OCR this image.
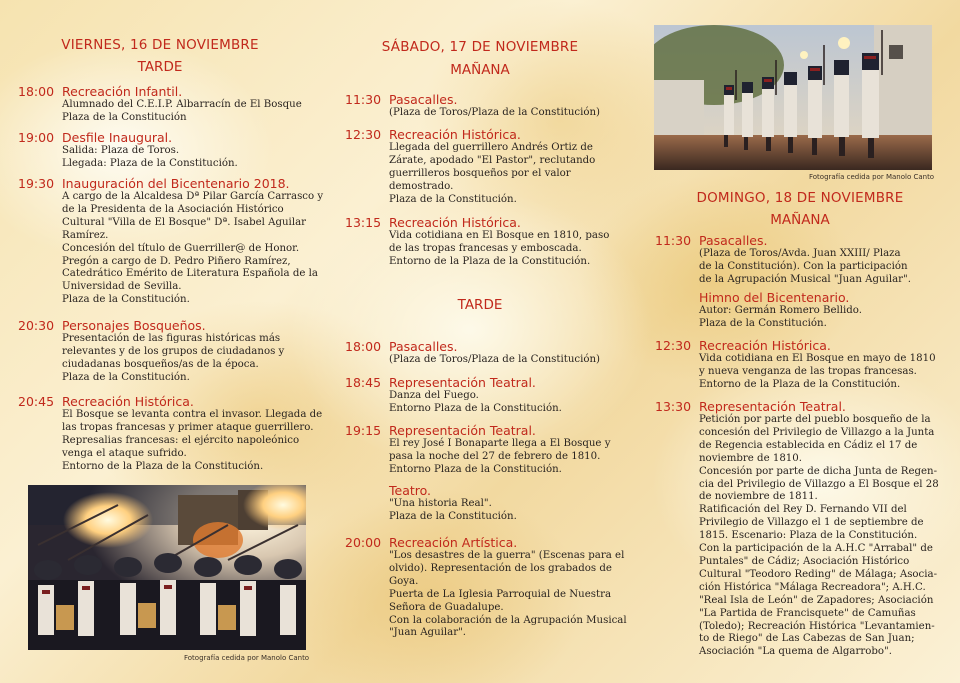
VIERNES, 16 DE NOVIEMBRE
TARDE
18:00 Recreación Infantil.
Alumnado del C.E.I.P. Albarracín de El Bosque
Plaza de la Constitución
19:00 Desfile Inaugural.
Salida: Plaza de Toros.
Llegada: Plaza de la Constitución.
19:30 Inauguración del Bicentenario 2018.
A cargo de la Alcaldesa Dª Pilar García Carrasco y
de la Presidenta de la Asociación Histórico
Cultural "Villa de El Bosque" Dª. Isabel Aguilar
Ramírez.
Concesión del título de Guerriller@ de Honor.
Pregón a cargo de D. Pedro Piñero Ramírez,
Catedrático Emérito de Literatura Española de la
Universidad de Sevilla.
Plaza de la Constitución.
20:30 Personajes Bosqueños.
Presentación de las figuras históricas más
relevantes y de los grupos de ciudadanos y
ciudadanas bosqueños/as de la época.
Plaza de la Constitución.
20:45 Recreación Histórica.
El Bosque se levanta contra el invasor. Llegada de
las tropas francesas y primer ataque guerrillero.
Represalias francesas: el ejército napoleónico
venga el ataque sufrido.
Entorno de la Plaza de la Constitución.
Fotografía cedida por Manolo Canto
SÁBADO, 17 DE NOVIEMBRE
MAÑANA
11:30 Pasacalles.
(Plaza de Toros/Plaza de la Constitución)
12:30 Recreación Histórica.
Llegada del guerrillero Andrés Ortiz de
Zárate, apodado "El Pastor", reclutando
guerrilleros bosqueños por el valor
demostrado.
Plaza de la Constitución.
13:15 Recreación Histórica.
Vida cotidiana en El Bosque en 1810, paso
de las tropas francesas y emboscada.
Entorno de la Plaza de la Constitución.
TARDE
18:00 Pasacalles.
(Plaza de Toros/Plaza de la Constitución)
18:45 Representación Teatral.
Danza del Fuego.
Entorno Plaza de la Constitución.
19:15 Representación Teatral.
El rey José I Bonaparte llega a El Bosque y
pasa la noche del 27 de febrero de 1810.
Entorno Plaza de la Constitución.
Teatro.
"Una historia Real".
Plaza de la Constitución.
20:00 Recreación Artística.
"Los desastres de la guerra" (Escenas para el
olvido). Representación de los grabados de
Goya.
Puerta de La Iglesia Parroquial de Nuestra
Señora de Guadalupe.
Con la colaboración de la Agrupación Musical
"Juan Aguilar".
Fotografía cedida por Manolo Canto
DOMINGO, 18 DE NOVIEMBRE
MAÑANA
11:30 Pasacalles.
(Plaza de Toros/Avda. Juan XXIII/ Plaza
de la Constitución). Con la participación
de la Agrupación Musical "Juan Aguilar".
Himno del Bicentenario.
Autor: Germán Romero Bellido.
Plaza de la Constitución.
12:30 Recreación Histórica.
Vida cotidiana en El Bosque en mayo de 1810
y nueva venganza de las tropas francesas.
Entorno de la Plaza de la Constitución.
13:30 Representación Teatral.
Petición por parte del pueblo bosqueño de la
concesión del Privilegio de Villazgo a la Junta
de Regencia establecida en Cádiz el 17 de
noviembre de 1810.
Concesión por parte de dicha Junta de Regen-
cia del Privilegio de Villazgo a El Bosque el 28
de noviembre de 1811.
Ratificación del Rey D. Fernando VII del
Privilegio de Villazgo el 1 de septiembre de
1815. Escenario: Plaza de la Constitución.
Con la participación de la A.H.C "Arrabal" de
Puntales" de Cádiz; Asociación Histórico
Cultural "Teodoro Reding" de Málaga; Asocia-
ción Histórica "Málaga Recreadora"; A.H.C.
"Real Isla de León" de Zapadores; Asociación
"La Partida de Francisquete" de Camuñas
(Toledo); Recreación Histórica "Levantamien-
to de Riego" de Las Cabezas de San Juan;
Asociación "La quema de Algarrobo".
